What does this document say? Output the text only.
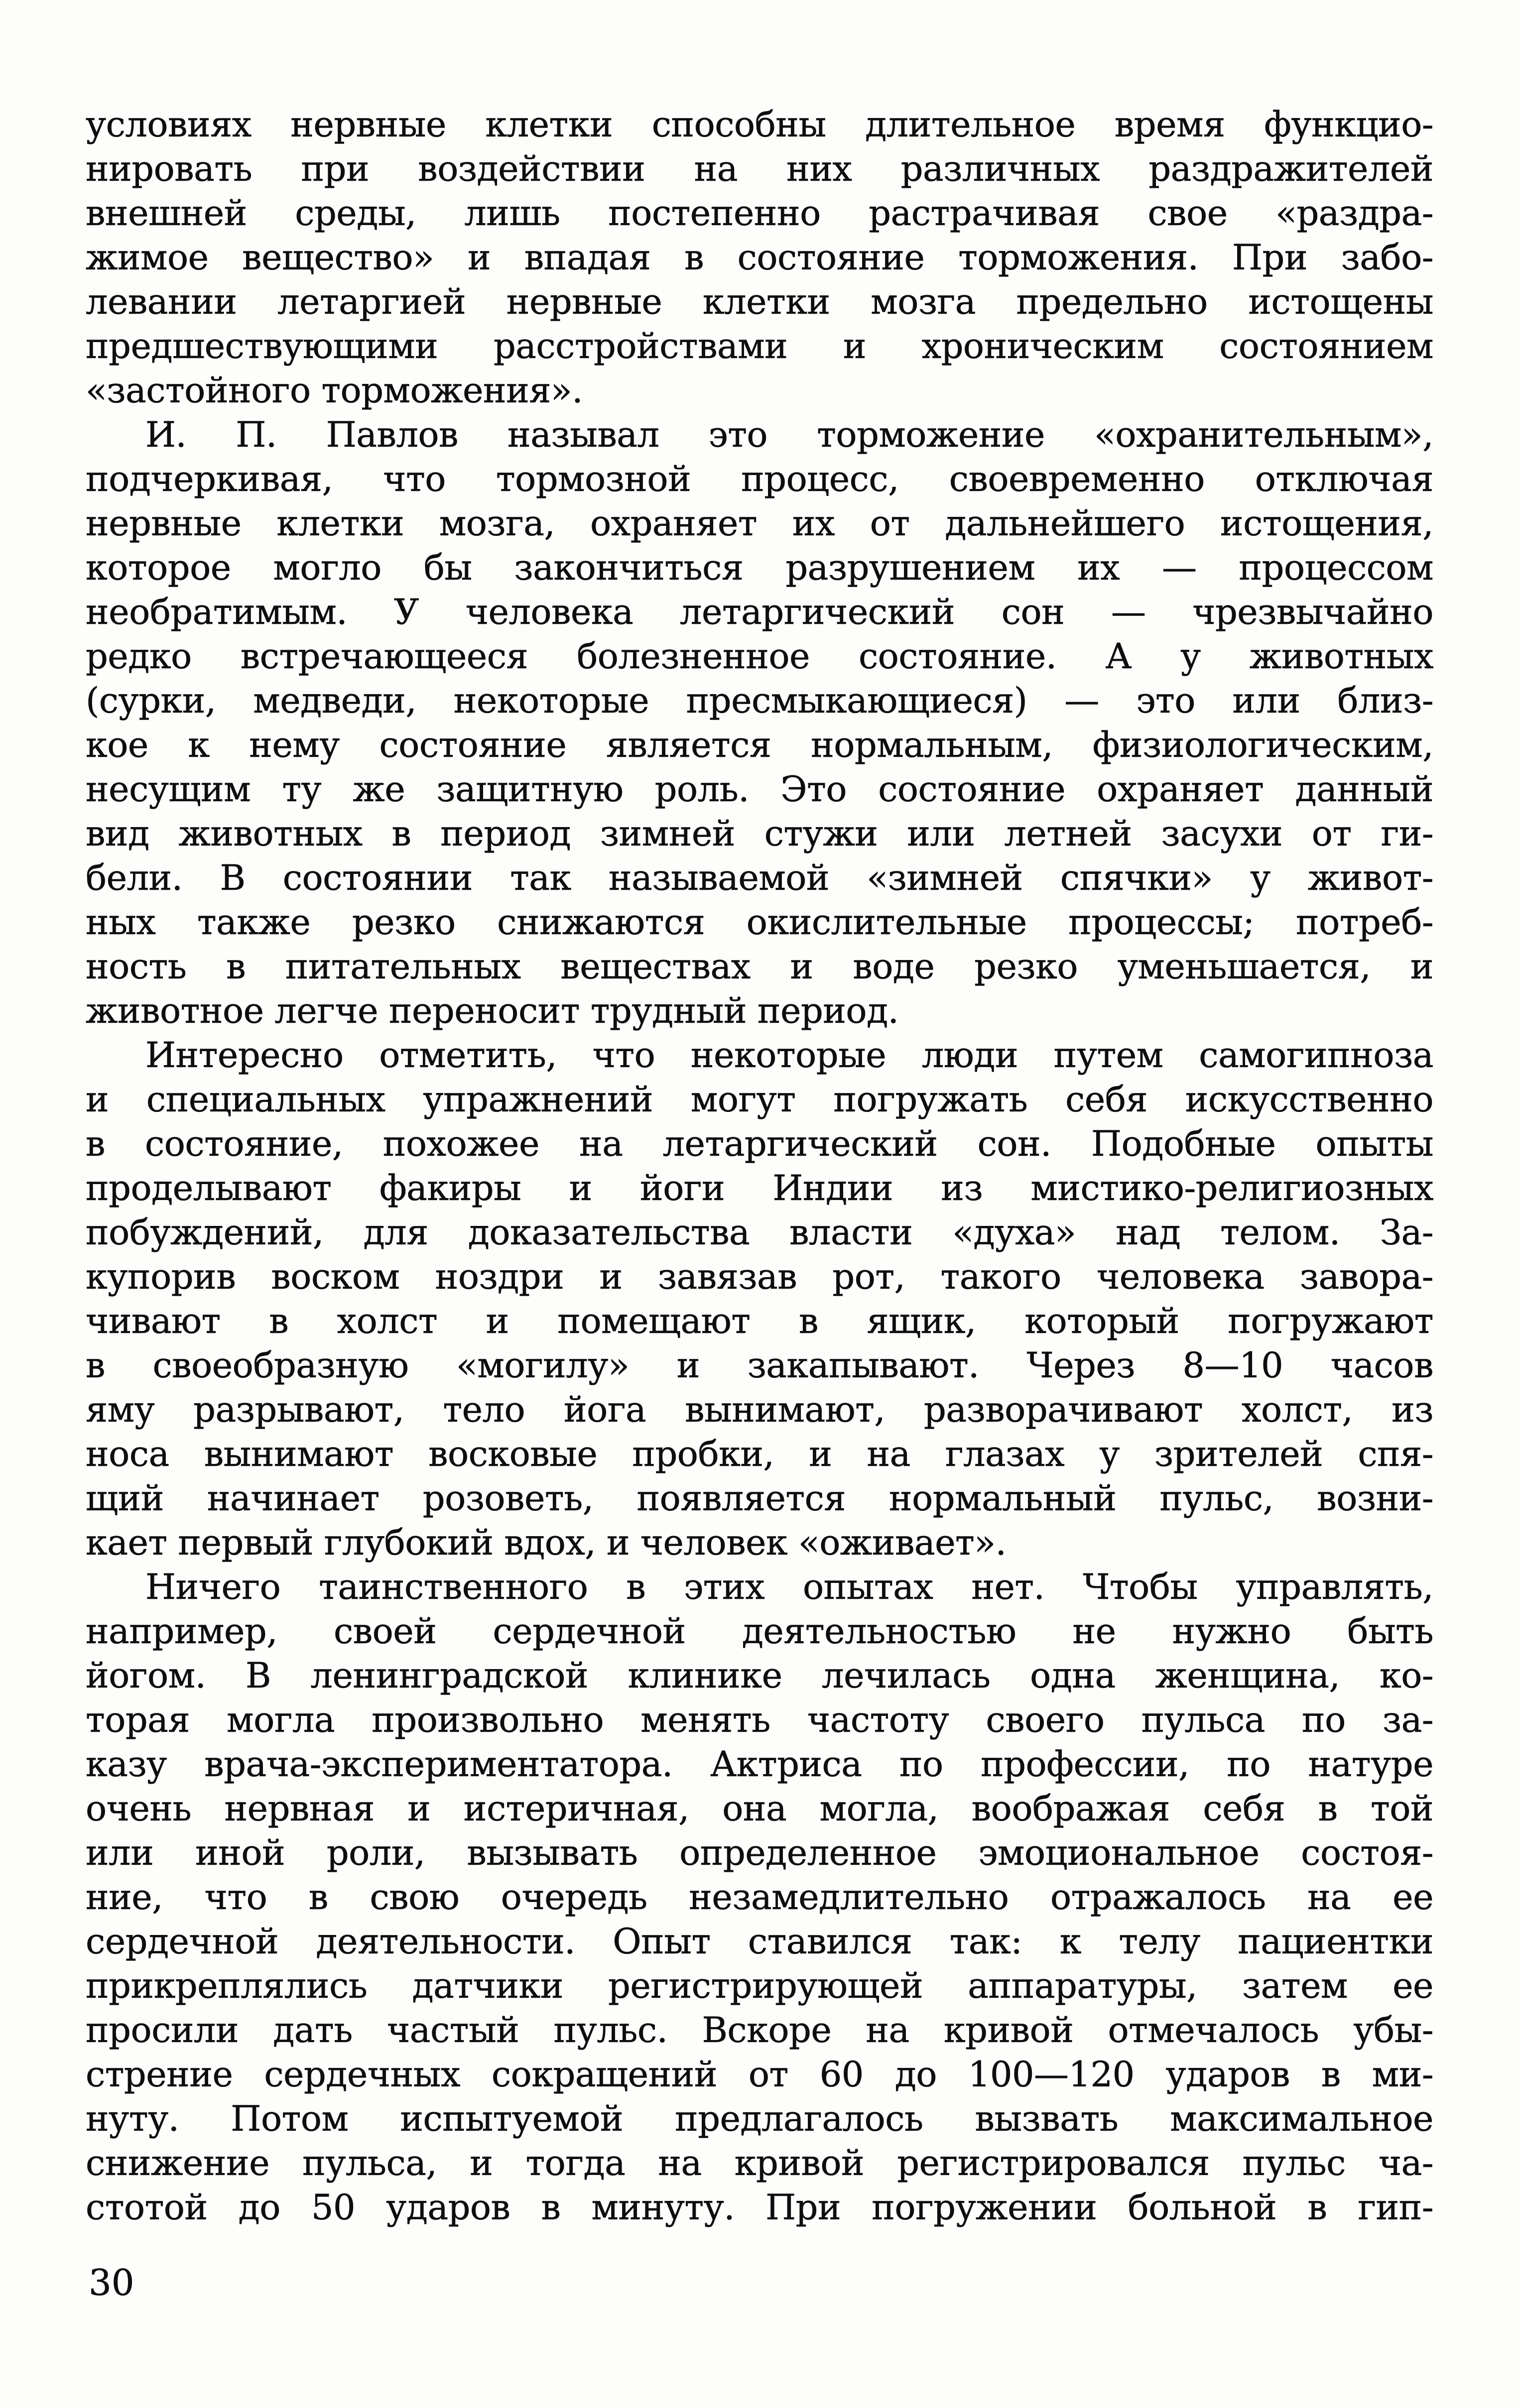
условиях нервные клетки способны длительное время функцио-
нировать при воздействии на них различных раздражителей
внешней среды, лишь постепенно растрачивая свое «раздра-
жимое вещество» и впадая в состояние торможения. При забо-
левании летаргией нервные клетки мозга предельно истощены
предшествующими расстройствами и хроническим состоянием
«застойного торможения».
И. П. Павлов называл это торможение «охранительным»,
подчеркивая, что тормозной процесс, своевременно отключая
нервные клетки мозга, охраняет их от дальнейшего истощения,
которое могло бы закончиться разрушением их — процессом
необратимым. У человека летаргический сон — чрезвычайно
редко встречающееся болезненное состояние. А у животных
(сурки, медведи, некоторые пресмыкающиеся) — это или близ-
кое к нему состояние является нормальным, физиологическим,
несущим ту же защитную роль. Это состояние охраняет данный
вид животных в период зимней стужи или летней засухи от ги-
бели. В состоянии так называемой «зимней спячки» у живот-
ных также резко снижаются окислительные процессы; потреб-
ность в питательных веществах и воде резко уменьшается, и
животное легче переносит трудный период.
Интересно отметить, что некоторые люди путем самогипноза
и специальных упражнений могут погружать себя искусственно
в состояние, похожее на летаргический сон. Подобные опыты
проделывают факиры и йоги Индии из мистико-религиозных
побуждений, для доказательства власти «духа» над телом. За-
купорив воском ноздри и завязав рот, такого человека завора-
чивают в холст и помещают в ящик, который погружают
в своеобразную «могилу» и закапывают. Через 8—10 часов
яму разрывают, тело йога вынимают, разворачивают холст, из
носа вынимают восковые пробки, и на глазах у зрителей спя-
щий начинает розоветь, появляется нормальный пульс, возни-
кает первый глубокий вдох, и человек «оживает».
Ничего таинственного в этих опытах нет. Чтобы управлять,
например, своей сердечной деятельностью не нужно быть
йогом. В ленинградской клинике лечилась одна женщина, ко-
торая могла произвольно менять частоту своего пульса по за-
казу врача-экспериментатора. Актриса по профессии, по натуре
очень нервная и истеричная, она могла, воображая себя в той
или иной роли, вызывать определенное эмоциональное состоя-
ние, что в свою очередь незамедлительно отражалось на ее
сердечной деятельности. Опыт ставился так: к телу пациентки
прикреплялись датчики регистрирующей аппаратуры, затем ее
просили дать частый пульс. Вскоре на кривой отмечалось убы-
стрение сердечных сокращений от 60 до 100—120 ударов в ми-
нуту. Потом испытуемой предлагалось вызвать максимальное
снижение пульса, и тогда на кривой регистрировался пульс ча-
стотой до 50 ударов в минуту. При погружении больной в гип-
30
